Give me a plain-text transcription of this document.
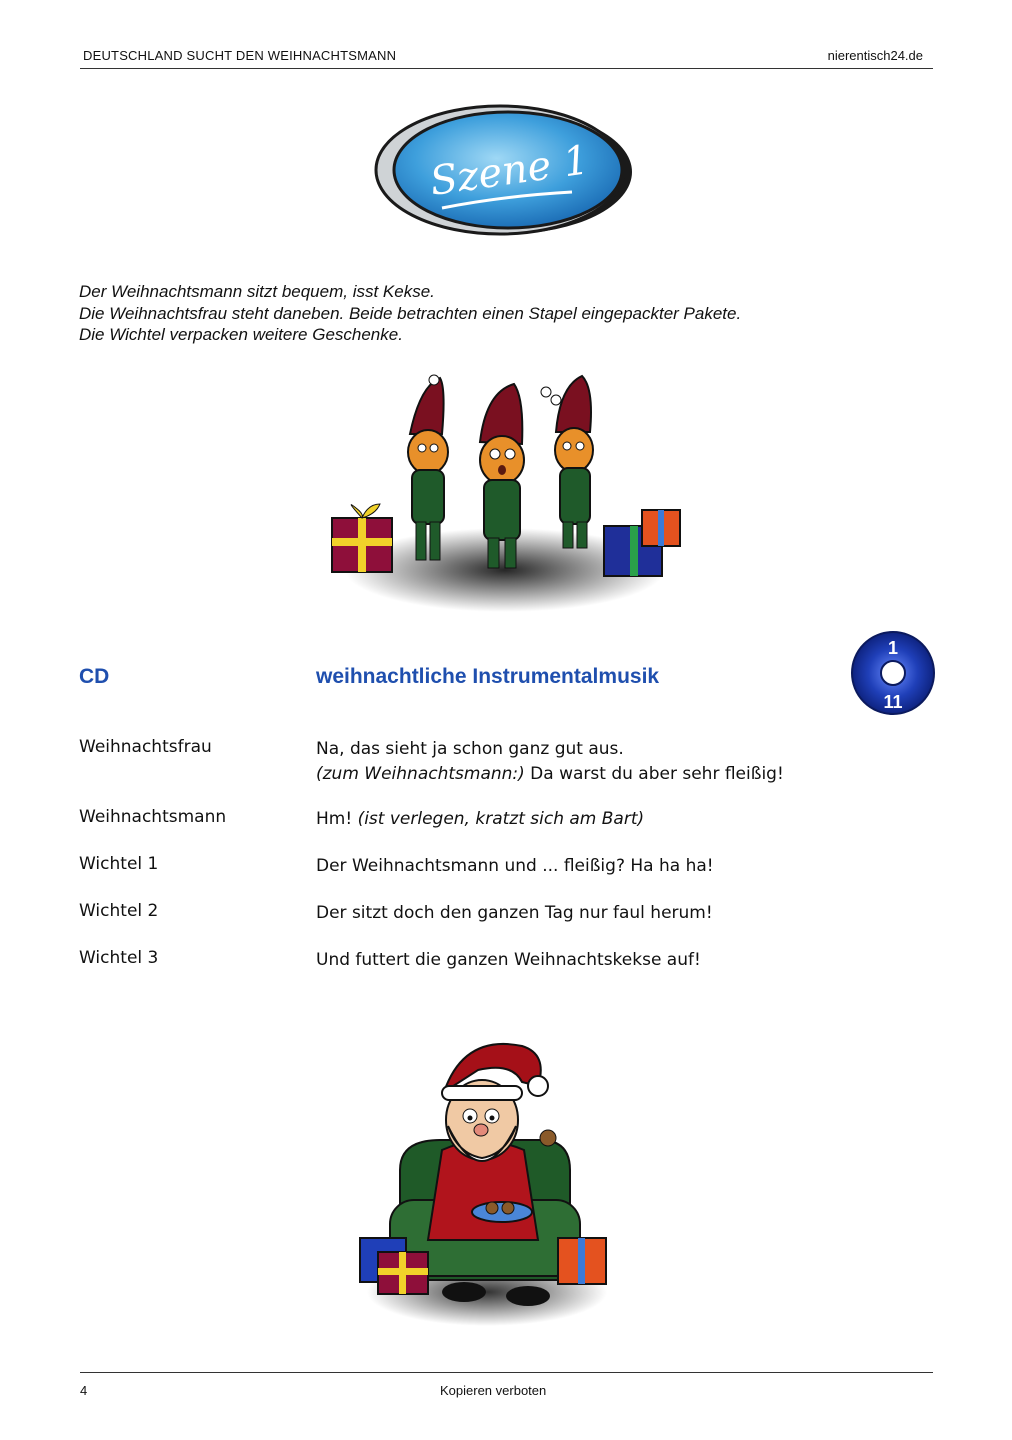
DEUTSCHLAND SUCHT DEN WEIHNACHTSMANN	nierentisch24.de
Szene 1
Der Weihnachtsmann sitzt bequem, isst Kekse.
Die Weihnachtsfrau steht daneben. Beide betrachten einen Stapel eingepackter Pakete.
Die Wichtel verpacken weitere Geschenke.
CD	weihnachtliche Instrumentalmusik
1
11
Weihnachtsfrau	Na, das sieht ja schon ganz gut aus.
(zum Weihnachtsmann:) Da warst du aber sehr fleißig!
Weihnachtsmann	Hm! (ist verlegen, kratzt sich am Bart)
Wichtel 1	Der Weihnachtsmann und ... fleißig? Ha ha ha!
Wichtel 2	Der sitzt doch den ganzen Tag nur faul herum!
Wichtel 3	Und futtert die ganzen Weihnachtskekse auf!
4	Kopieren verboten
